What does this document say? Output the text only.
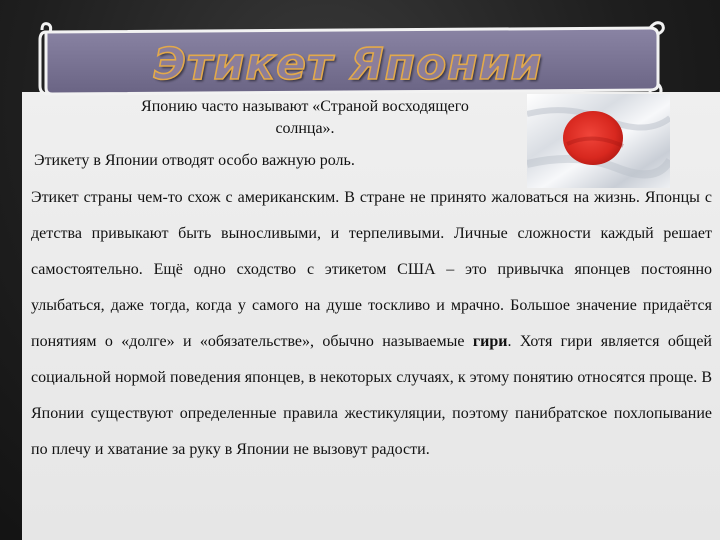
Этикет Японии
Японию часто называют «Страной восходящего солнца».
Этикету в Японии отводят особо важную роль.
Этикет страны чем-то схож с американским. В стране не принято жаловаться на жизнь. Японцы с детства привыкают быть выносливыми, и терпеливыми. Личные сложности каждый решает самостоятельно. Ещё одно сходство с этикетом США – это привычка японцев постоянно улыбаться, даже тогда, когда у самого на душе тоскливо и мрачно. Большое значение придаётся понятиям о «долге» и «обязательстве», обычно называемые гири. Хотя гири является общей социальной нормой поведения японцев, в некоторых случаях, к этому понятию относятся проще. В Японии существуют определенные правила жестикуляции, поэтому панибратское похлопывание по плечу и хватание за руку в Японии не вызовут радости.
